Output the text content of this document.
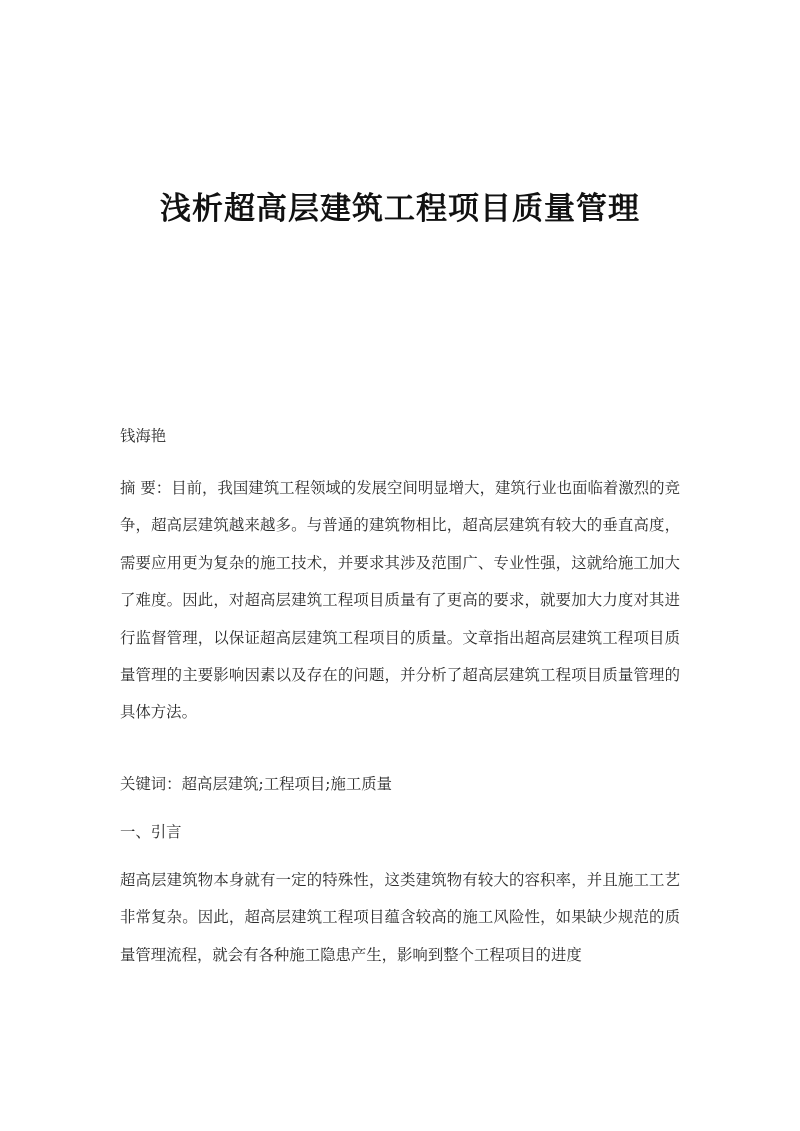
浅析超高层建筑工程项目质量管理
钱海艳
摘 要：目前，我国建筑工程领域的发展空间明显增大，建筑行业也面临着激烈的竞争，超高层建筑越来越多。与普通的建筑物相比，超高层建筑有较大的垂直高度，需要应用更为复杂的施工技术，并要求其涉及范围广、专业性强，这就给施工加大了难度。因此，对超高层建筑工程项目质量有了更高的要求，就要加大力度对其进行监督管理，以保证超高层建筑工程项目的质量。文章指出超高层建筑工程项目质量管理的主要影响因素以及存在的问题，并分析了超高层建筑工程项目质量管理的具体方法。
关键词：超高层建筑;工程项目;施工质量
一、引言
超高层建筑物本身就有一定的特殊性，这类建筑物有较大的容积率，并且施工工艺非常复杂。因此，超高层建筑工程项目蕴含较高的施工风险性，如果缺少规范的质量管理流程，就会有各种施工隐患产生，影响到整个工程项目的进度
